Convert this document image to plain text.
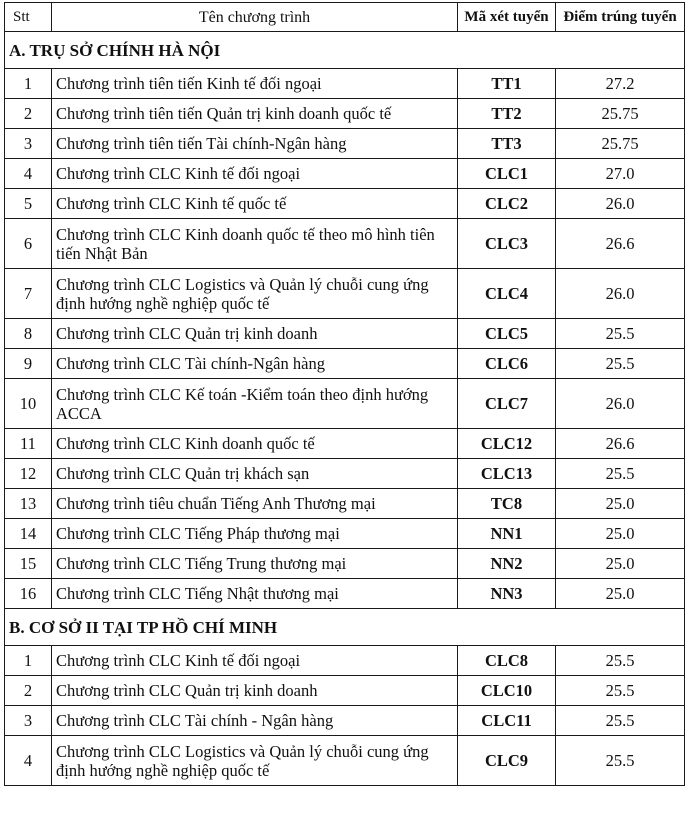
Stt	Tên chương trình	Mã xét tuyển	Điểm trúng tuyển
A. TRỤ SỞ CHÍNH HÀ NỘI			
1	Chương trình tiên tiến Kinh tế đối ngoại	TT1	27.2
2	Chương trình tiên tiến Quản trị kinh doanh quốc tế	TT2	25.75
3	Chương trình tiên tiến Tài chính-Ngân hàng	TT3	25.75
4	Chương trình CLC Kinh tế đối ngoại	CLC1	27.0
5	Chương trình CLC Kinh tế quốc tế	CLC2	26.0
6	Chương trình CLC Kinh doanh quốc tế theo mô hình tiên tiến Nhật Bản	CLC3	26.6
7	Chương trình CLC Logistics và Quản lý chuỗi cung ứng định hướng nghề nghiệp quốc tế	CLC4	26.0
8	Chương trình CLC Quản trị kinh doanh	CLC5	25.5
9	Chương trình CLC Tài chính-Ngân hàng	CLC6	25.5
10	Chương trình CLC Kế toán -Kiểm toán theo định hướng ACCA	CLC7	26.0
11	Chương trình CLC Kinh doanh quốc tế	CLC12	26.6
12	Chương trình CLC Quản trị khách sạn	CLC13	25.5
13	Chương trình tiêu chuẩn Tiếng Anh Thương mại	TC8	25.0
14	Chương trình CLC Tiếng Pháp thương mại	NN1	25.0
15	Chương trình CLC Tiếng Trung thương mại	NN2	25.0
16	Chương trình CLC Tiếng Nhật thương mại	NN3	25.0
B. CƠ SỞ II TẠI TP HỒ CHÍ MINH			
1	Chương trình CLC Kinh tế đối ngoại	CLC8	25.5
2	Chương trình CLC Quản trị kinh doanh	CLC10	25.5
3	Chương trình CLC Tài chính - Ngân hàng	CLC11	25.5
4	Chương trình CLC Logistics và Quản lý chuỗi cung ứng định hướng nghề nghiệp quốc tế	CLC9	25.5
